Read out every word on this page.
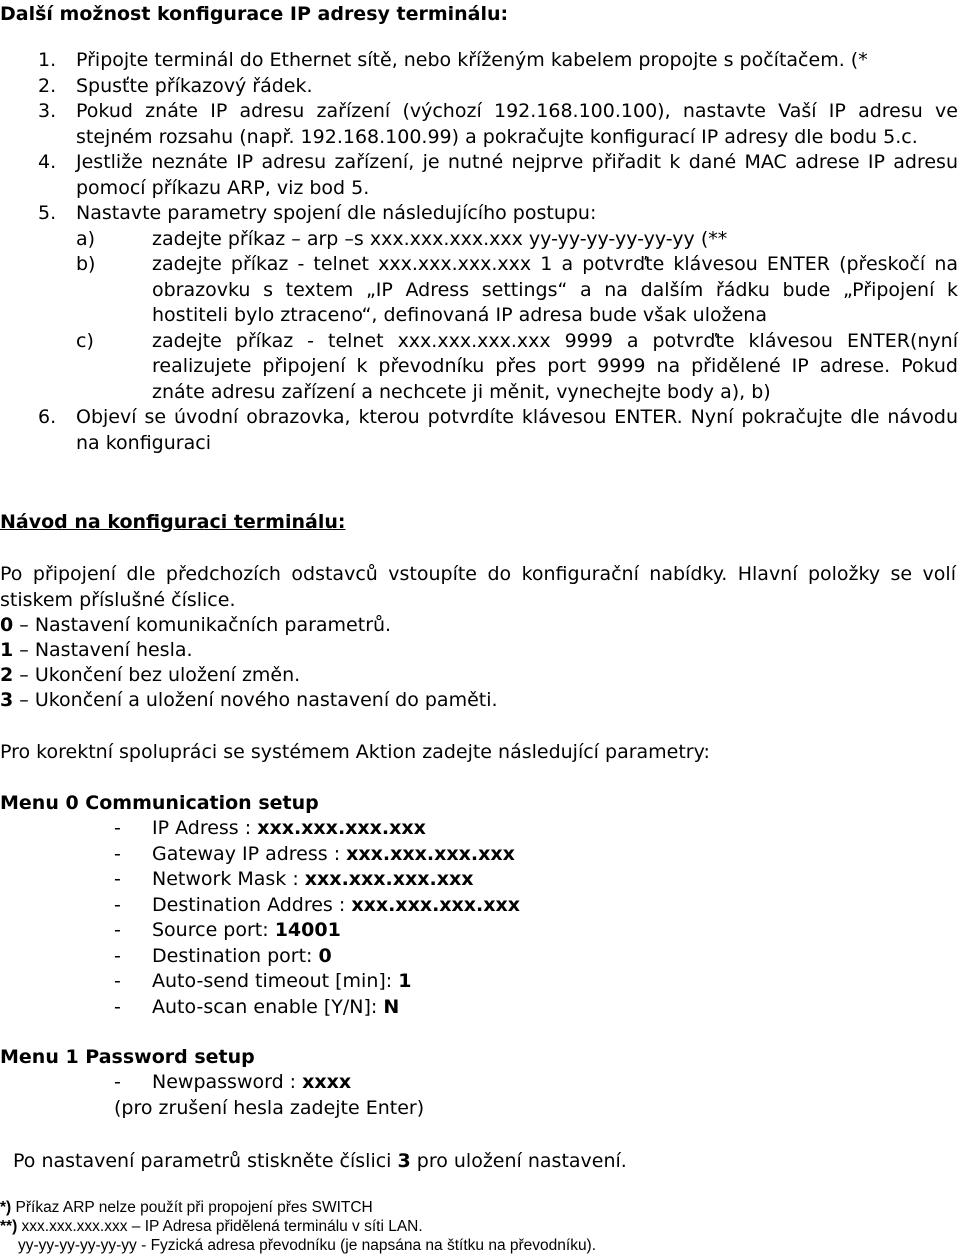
Další možnost konfigurace IP adresy terminálu:
1. Připojte terminál do Ethernet sítě, nebo kříženým kabelem propojte s počítačem. (*
2. Spusťte příkazový řádek.
3. Pokud znáte IP adresu zařízení (výchozí 192.168.100.100), nastavte Vaší IP adresu ve stejném rozsahu (např. 192.168.100.99) a pokračujte konfigurací IP adresy dle bodu 5.c.
4. Jestliže neznáte IP adresu zařízení, je nutné nejprve přiřadit k dané MAC adrese IP adresu pomocí příkazu ARP, viz bod 5.
5. Nastavte parametry spojení dle následujícího postupu:
a)	zadejte příkaz – arp –s xxx.xxx.xxx.xxx yy-yy-yy-yy-yy-yy (**
b)	zadejte příkaz - telnet xxx.xxx.xxx.xxx 1 a potvrďte klávesou ENTER (přeskočí na obrazovku s textem „IP Adress settings“ a na dalším řádku bude „Připojení k hostiteli bylo ztraceno“, definovaná IP adresa bude však uložena
c)	zadejte příkaz - telnet xxx.xxx.xxx.xxx 9999 a potvrďte klávesou ENTER(nyní realizujete připojení k převodníku přes port 9999 na přidělené IP adrese. Pokud znáte adresu zařízení a nechcete ji měnit, vynechejte body a), b)
6. Objeví se úvodní obrazovka, kterou potvrdíte klávesou ENTER. Nyní pokračujte dle návodu na konfiguraci
Návod na konfiguraci terminálu:
Po připojení dle předchozích odstavců vstoupíte do konfigurační nabídky. Hlavní položky se volí stiskem příslušné číslice.
0 – Nastavení komunikačních parametrů.
1 – Nastavení hesla.
2 – Ukončení bez uložení změn.
3 – Ukončení a uložení nového nastavení do paměti.
Pro korektní spolupráci se systémem Aktion zadejte následující parametry:
Menu 0 Communication setup
- IP Adress : xxx.xxx.xxx.xxx
- Gateway IP adress : xxx.xxx.xxx.xxx
- Network Mask : xxx.xxx.xxx.xxx
- Destination Addres : xxx.xxx.xxx.xxx
- Source port: 14001
- Destination port: 0
- Auto-send timeout [min]: 1
- Auto-scan enable [Y/N]: N
Menu 1 Password setup
- Newpassword : xxxx
(pro zrušení hesla zadejte Enter)
Po nastavení parametrů stiskněte číslici 3 pro uložení nastavení.
*) Příkaz ARP nelze použít při propojení přes SWITCH
**) xxx.xxx.xxx.xxx – IP Adresa přidělená terminálu v síti LAN.
yy-yy-yy-yy-yy-yy - Fyzická adresa převodníku (je napsána na štítku na převodníku).
